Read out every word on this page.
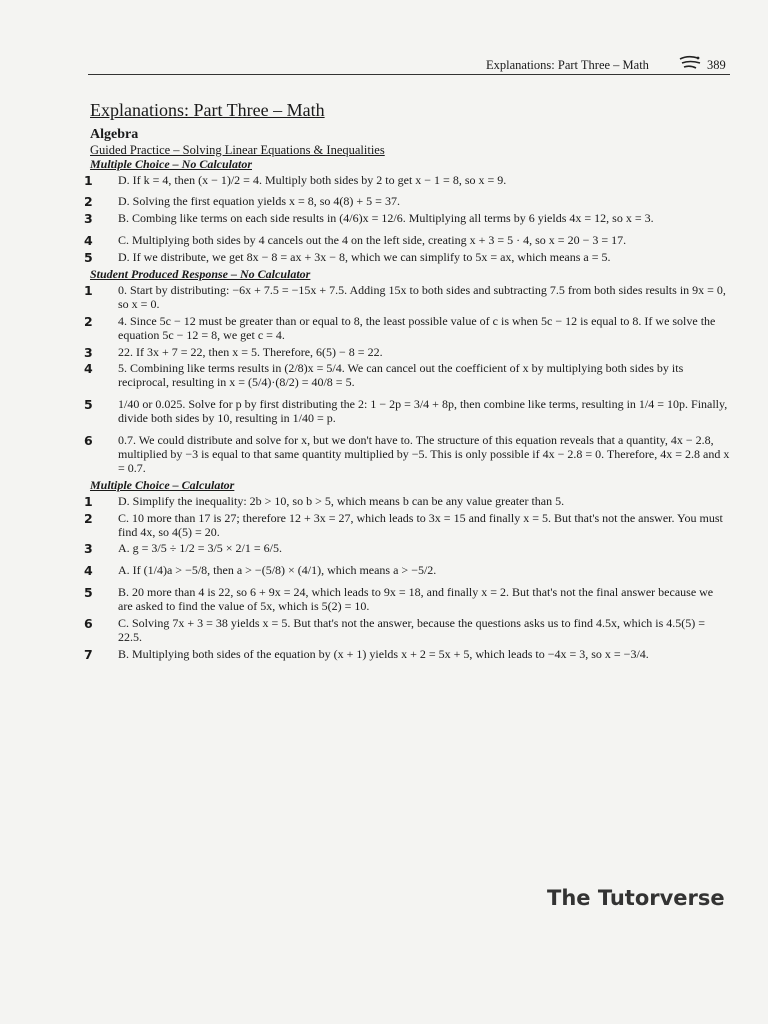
Explanations: Part Three – Math	389
Explanations: Part Three – Math
Algebra
Guided Practice – Solving Linear Equations & Inequalities
Multiple Choice – No Calculator
1 D. If k = 4, then (x − 1)/2 = 4. Multiply both sides by 2 to get x − 1 = 8, so x = 9.
2 D. Solving the first equation yields x = 8, so 4(8) + 5 = 37.
3 B. Combing like terms on each side results in (4/6)x = 12/6. Multiplying all terms by 6 yields 4x = 12, so x = 3.
4 C. Multiplying both sides by 4 cancels out the 4 on the left side, creating x + 3 = 5 · 4, so x = 20 − 3 = 17.
5 D. If we distribute, we get 8x − 8 = ax + 3x − 8, which we can simplify to 5x = ax, which means a = 5.
Student Produced Response – No Calculator
1 0. Start by distributing: −6x + 7.5 = −15x + 7.5. Adding 15x to both sides and subtracting 7.5 from both sides results in 9x = 0, so x = 0.
2 4. Since 5c − 12 must be greater than or equal to 8, the least possible value of c is when 5c − 12 is equal to 8. If we solve the equation 5c − 12 = 8, we get c = 4.
3 22. If 3x + 7 = 22, then x = 5. Therefore, 6(5) − 8 = 22.
4 5. Combining like terms results in (2/8)x = 5/4. We can cancel out the coefficient of x by multiplying both sides by its reciprocal, resulting in x = (5/4)·(8/2) = 40/8 = 5.
5 1/40 or 0.025. Solve for p by first distributing the 2: 1 − 2p = 3/4 + 8p, then combine like terms, resulting in 1/4 = 10p. Finally, divide both sides by 10, resulting in 1/40 = p.
6 0.7. We could distribute and solve for x, but we don't have to. The structure of this equation reveals that a quantity, 4x − 2.8, multiplied by −3 is equal to that same quantity multiplied by −5. This is only possible if 4x − 2.8 = 0. Therefore, 4x = 2.8 and x = 0.7.
Multiple Choice – Calculator
1 D. Simplify the inequality: 2b > 10, so b > 5, which means b can be any value greater than 5.
2 C. 10 more than 17 is 27; therefore 12 + 3x = 27, which leads to 3x = 15 and finally x = 5. But that's not the answer. You must find 4x, so 4(5) = 20.
3 A. g = 3/5 ÷ 1/2 = 3/5 × 2/1 = 6/5.
4 A. If (1/4)a > −5/8, then a > −(5/8) × (4/1), which means a > −5/2.
5 B. 20 more than 4 is 22, so 6 + 9x = 24, which leads to 9x = 18, and finally x = 2. But that's not the final answer because we are asked to find the value of 5x, which is 5(2) = 10.
6 C. Solving 7x + 3 = 38 yields x = 5. But that's not the answer, because the questions asks us to find 4.5x, which is 4.5(5) = 22.5.
7 B. Multiplying both sides of the equation by (x + 1) yields x + 2 = 5x + 5, which leads to −4x = 3, so x = −3/4.
The Tutorverse
